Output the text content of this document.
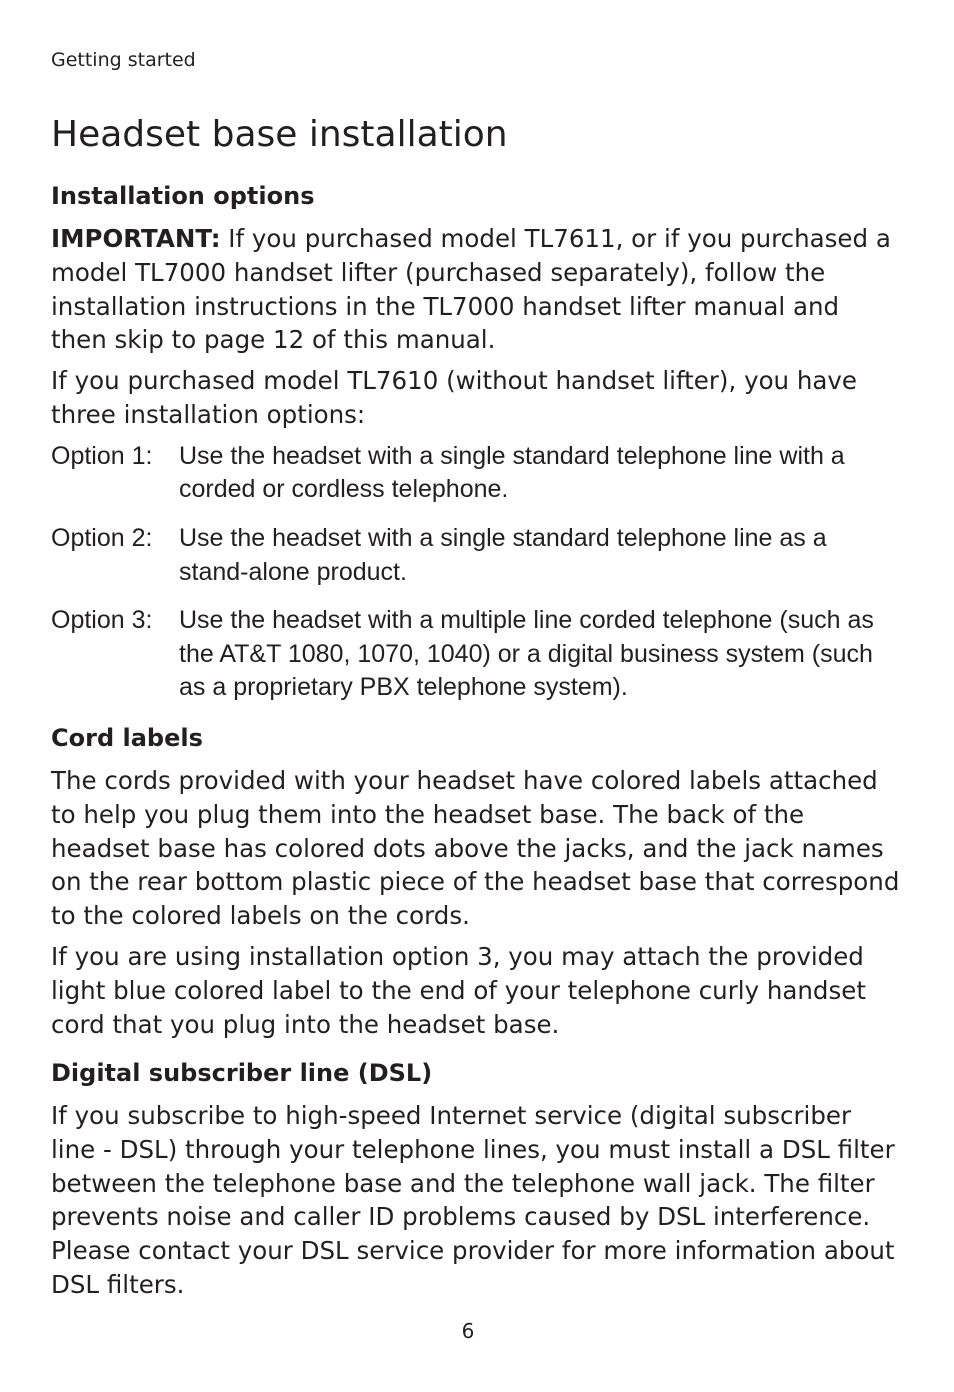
Getting started
Headset base installation
Installation options

IMPORTANT: If you purchased model TL7611, or if you purchased a model TL7000 handset lifter (purchased separately), follow the installation instructions in the TL7000 handset lifter manual and then skip to page 12 of this manual.

If you purchased model TL7610 (without handset lifter), you have three installation options:

Option 1:	Use the headset with a single standard telephone line with a corded or cordless telephone.
Option 2:	Use the headset with a single standard telephone line as a stand-alone product.
Option 3:	Use the headset with a multiple line corded telephone (such as the AT&T 1080, 1070, 1040) or a digital business system (such as a proprietary PBX telephone system).
Cord labels

The cords provided with your headset have colored labels attached to help you plug them into the headset base. The back of the headset base has colored dots above the jacks, and the jack names on the rear bottom plastic piece of the headset base that correspond to the colored labels on the cords.

If you are using installation option 3, you may attach the provided light blue colored label to the end of your telephone curly handset cord that you plug into the headset base.

Digital subscriber line (DSL)

If you subscribe to high-speed Internet service (digital subscriber line - DSL) through your telephone lines, you must install a DSL filter between the telephone base and the telephone wall jack. The filter prevents noise and caller ID problems caused by DSL interference. Please contact your DSL service provider for more information about DSL filters.

6
